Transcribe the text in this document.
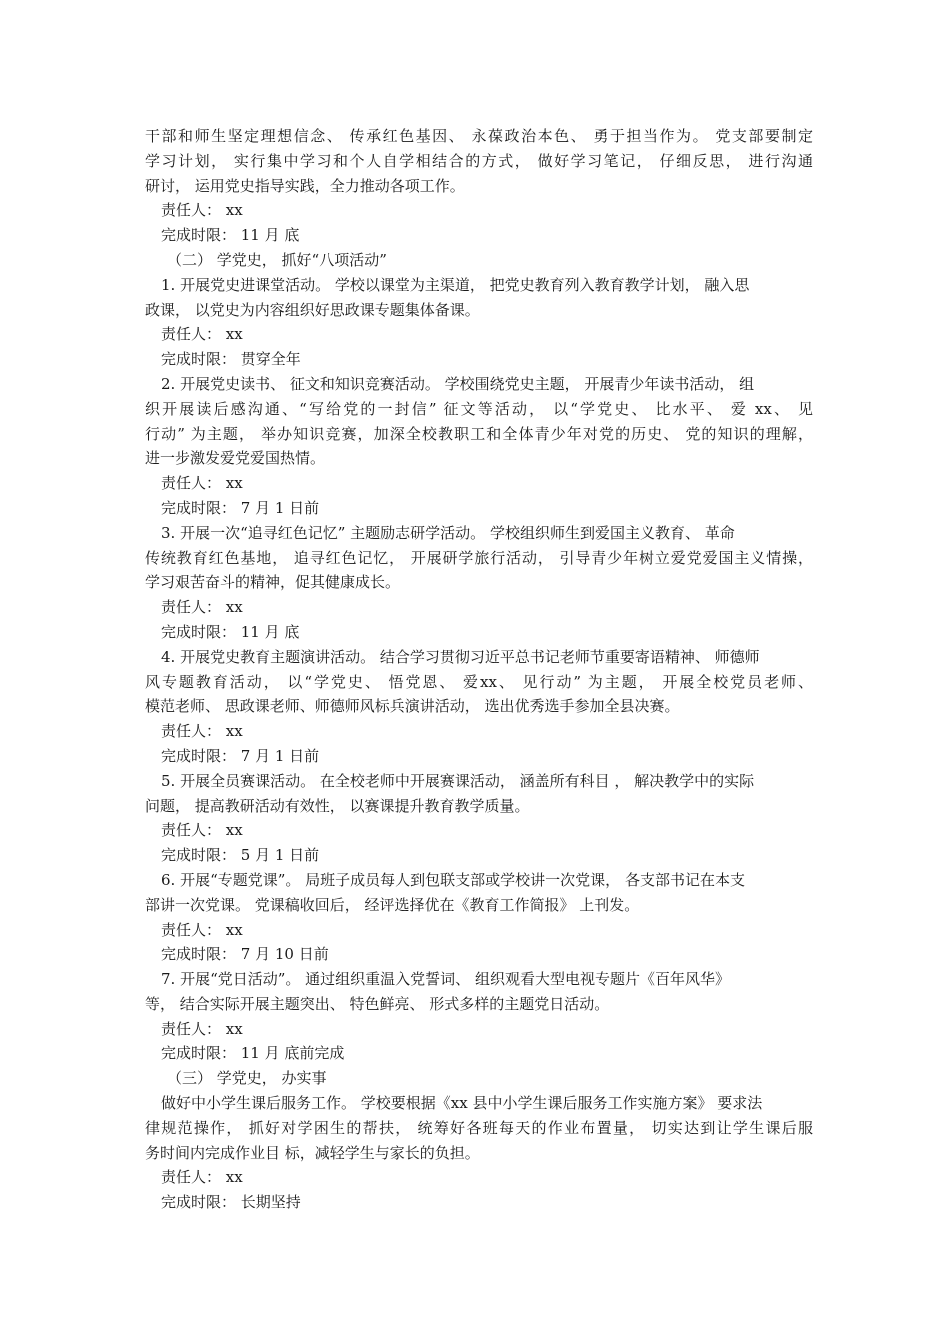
干部和师生坚定理想信念、 传承红色基因、 永葆政治本色、 勇于担当作为。 党支部要制定
学习计划， 实行集中学习和个人自学相结合的方式， 做好学习笔记， 仔细反思， 进行沟通
研讨， 运用党史指导实践，全力推动各项工作。
责任人： xx
完成时限： 11 月 底
（二） 学党史， 抓好“八项活动”
1. 开展党史进课堂活动。 学校以课堂为主渠道， 把党史教育列入教育教学计划， 融入思
政课， 以党史为内容组织好思政课专题集体备课。
责任人： xx
完成时限： 贯穿全年
2. 开展党史读书、 征文和知识竞赛活动。 学校围绕党史主题， 开展青少年读书活动， 组
织开展读后感沟通、“写给党的一封信” 征文等活动， 以“学党史、 比水平、 爱 xx、 见
行动” 为主题， 举办知识竞赛，加深全校教职工和全体青少年对党的历史、 党的知识的理解，
进一步激发爱党爱国热情。
责任人： xx
完成时限： 7 月 1 日前
3. 开展一次“追寻红色记忆” 主题励志研学活动。 学校组织师生到爱国主义教育、 革命
传统教育红色基地， 追寻红色记忆， 开展研学旅行活动， 引导青少年树立爱党爱国主义情操，
学习艰苦奋斗的精神，促其健康成长。
责任人： xx
完成时限： 11 月 底
4. 开展党史教育主题演讲活动。 结合学习贯彻习近平总书记老师节重要寄语精神、 师德师
风专题教育活动， 以“学党史、 悟党恩、 爱xx、 见行动” 为主题， 开展全校党员老师、
模范老师、 思政课老师、师德师风标兵演讲活动， 选出优秀选手参加全县决赛。
责任人： xx
完成时限： 7 月 1 日前
5. 开展全员赛课活动。 在全校老师中开展赛课活动， 涵盖所有科目 ， 解决教学中的实际
问题， 提高教研活动有效性， 以赛课提升教育教学质量。
责任人： xx
完成时限： 5 月 1 日前
6. 开展“专题党课”。 局班子成员每人到包联支部或学校讲一次党课， 各支部书记在本支
部讲一次党课。 党课稿收回后， 经评选择优在《教育工作简报》 上刊发。
责任人： xx
完成时限： 7 月 10 日前
7. 开展“党日活动”。 通过组织重温入党誓词、 组织观看大型电视专题片《百年风华》
等， 结合实际开展主题突出、 特色鲜亮、 形式多样的主题党日活动。
责任人： xx
完成时限： 11 月 底前完成
（三） 学党史， 办实事
做好中小学生课后服务工作。 学校要根据《xx 县中小学生课后服务工作实施方案》 要求法
律规范操作， 抓好对学困生的帮扶， 统筹好各班每天的作业布置量， 切实达到让学生课后服
务时间内完成作业目 标，减轻学生与家长的负担。
责任人： xx
完成时限： 长期坚持
